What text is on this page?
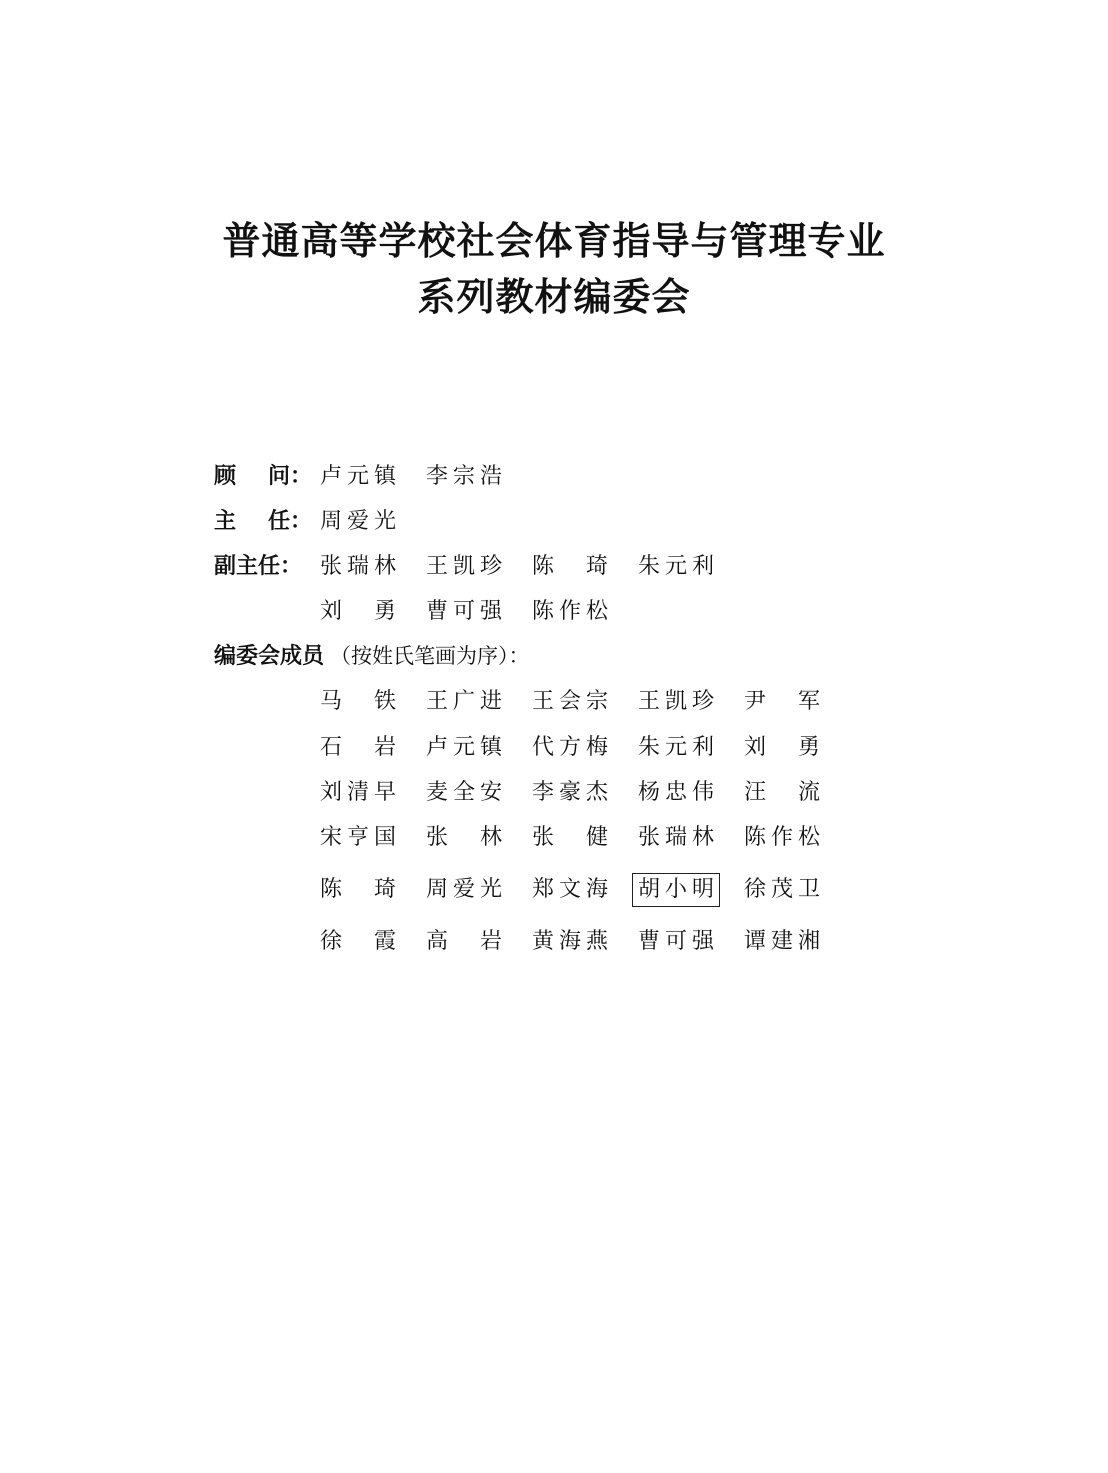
普通高等学校社会体育指导与管理专业
系列教材编委会
顾 问： 卢 元 镇 李 宗 浩
主 任： 周 爱 光
副主任： 张 瑞 林 王 凯 珍 陈 琦 朱 元 利
刘 勇 曹 可 强 陈 作 松
编委会成员 （按姓氏笔画为序）：
马 铁 王 广 进 王 会 宗 王 凯 珍 尹 军
石 岩 卢 元 镇 代 方 梅 朱 元 利 刘 勇
刘 清 早 麦 全 安 李 豪 杰 杨 忠 伟 汪 流
宋 亨 国 张 林 张 健 张 瑞 林 陈 作 松
陈 琦 周 爱 光 郑 文 海 胡 小 明 徐 茂 卫
徐 霞 高 岩 黄 海 燕 曹 可 强 谭 建 湘
